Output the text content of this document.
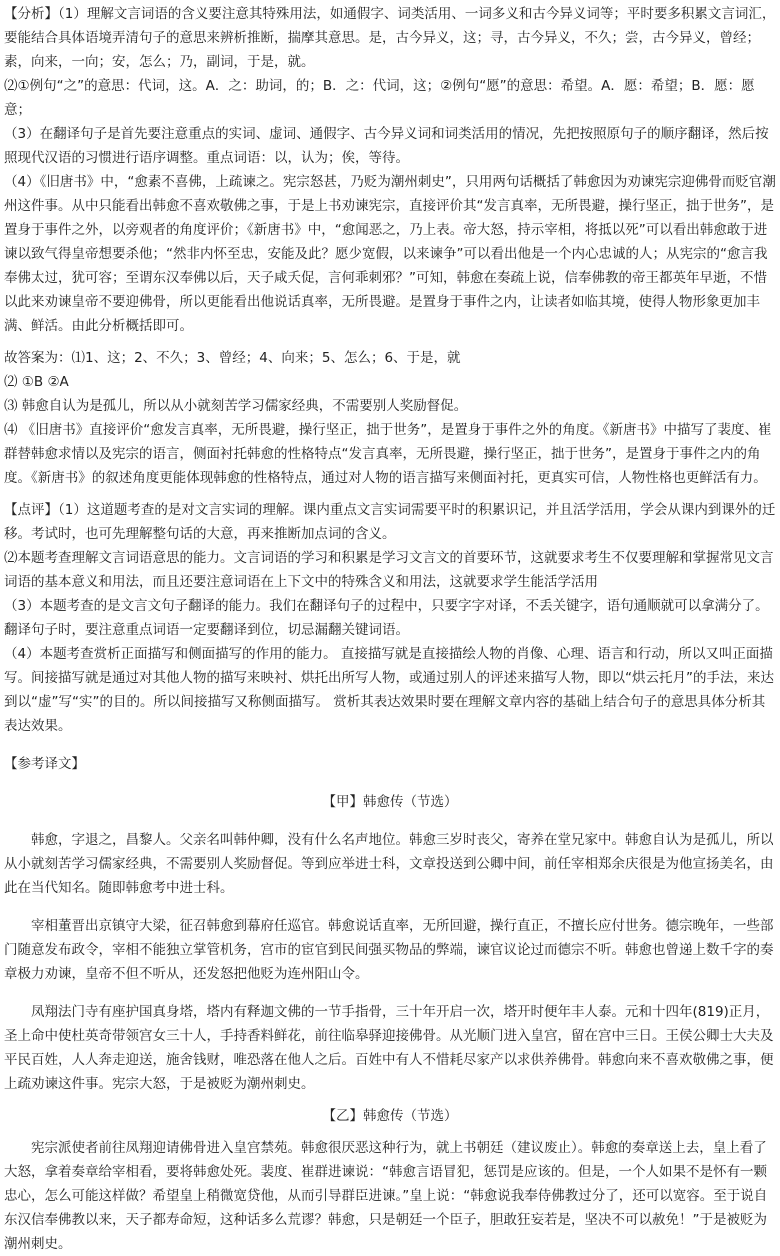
【分析】（1）理解文言词语的含义要注意其特殊用法，如通假字、词类活用、一词多义和古今异义词等；平时要多积累文言词汇，要能结合具体语境弄清句子的意思来辨析推断，揣摩其意思。是，古今异义，这；寻，古今异义，不久；尝，古今异义，曾经；素，向来，一向；安，怎么；乃，副词，于是，就。

⑵①例句“之”的意思：代词，这。A．之：助词，的；B．之：代词，这；②例句“愿”的意思：希望。A．愿：希望；B．愿：愿意；

（3）在翻译句子是首先要注意重点的实词、虚词、通假字、古今异义词和词类活用的情况，先把按照原句子的顺序翻译，然后按照现代汉语的习惯进行语序调整。重点词语：以，认为；俟，等待。

（4）《旧唐书》中，“愈素不喜佛，上疏谏之。宪宗怒甚，乃贬为潮州刺史”，只用两句话概括了韩愈因为劝谏宪宗迎佛骨而贬官潮州这件事。从中只能看出韩愈不喜欢敬佛之事，于是上书劝谏宪宗，直接评价其“发言真率，无所畏避，操行坚正，拙于世务”，是置身于事件之外，以旁观者的角度评价；《新唐书》中，“愈闻恶之，乃上表。帝大怒，持示宰相，将抵以死”可以看出韩愈敢于进谏以致气得皇帝想要杀他；“然非内怀至忠，安能及此？愿少宽假，以来谏争”可以看出他是一个内心忠诚的人；从宪宗的“愈言我奉佛太过，犹可容；至谓东汉奉佛以后，天子咸夭促，言何乖刺邪？”可知，韩愈在奏疏上说，信奉佛教的帝王都英年早逝，不惜以此来劝谏皇帝不要迎佛骨，所以更能看出他说话真率，无所畏避。是置身于事件之内，让读者如临其境，使得人物形象更加丰满、鲜活。由此分析概括即可。

故答案为：⑴1、这；2、不久；3、曾经；4、向来；5、怎么；6、于是，就

⑵ ①B ②A

⑶ 韩愈自认为是孤儿，所以从小就刻苦学习儒家经典，不需要别人奖励督促。

⑷ 《旧唐书》直接评价“愈发言真率，无所畏避，操行坚正，拙于世务”，是置身于事件之外的角度。《新唐书》中描写了裴度、崔群替韩愈求情以及宪宗的语言，侧面衬托韩愈的性格特点“发言真率，无所畏避，操行坚正，拙于世务”，是置身于事件之内的角度。《新唐书》的叙述角度更能体现韩愈的性格特点，通过对人物的语言描写来侧面衬托，更真实可信，人物性格也更鲜活有力。

【点评】（1）这道题考查的是对文言实词的理解。课内重点文言实词需要平时的积累识记，并且活学活用，学会从课内到课外的迁移。考试时，也可先理解整句话的大意，再来推断加点词的含义。

⑵本题考查理解文言词语意思的能力。文言词语的学习和积累是学习文言文的首要环节，这就要求考生不仅要理解和掌握常见文言词语的基本意义和用法，而且还要注意词语在上下文中的特殊含义和用法，这就要求学生能活学活用

（3）本题考查的是文言文句子翻译的能力。我们在翻译句子的过程中，只要字字对译，不丢关键字，语句通顺就可以拿满分了。翻译句子时，要注意重点词语一定要翻译到位，切忌漏翻关键词语。

（4）本题考查赏析正面描写和侧面描写的作用的能力。 直接描写就是直接描绘人物的肖像、心理、语言和行动，所以又叫正面描写。间接描写就是通过对其他人物的描写来映衬、烘托出所写人物，或通过别人的评述来描写人物，即以“烘云托月”的手法，来达到以“虚”写“实”的目的。所以间接描写又称侧面描写。 赏析其表达效果时要在理解文章内容的基础上结合句子的意思具体分析其表达效果。

【参考译文】

【甲】韩愈传（节选）

韩愈，字退之，昌黎人。父亲名叫韩仲卿，没有什么名声地位。韩愈三岁时丧父，寄养在堂兄家中。韩愈自认为是孤儿，所以从小就刻苦学习儒家经典，不需要别人奖励督促。等到应举进士科，文章投送到公卿中间，前任宰相郑余庆很是为他宣扬美名，由此在当代知名。随即韩愈考中进士科。

宰相董晋出京镇守大梁，征召韩愈到幕府任巡官。韩愈说话直率，无所回避，操行直正，不擅长应付世务。德宗晚年，一些部门随意发布政令，宰相不能独立掌管机务，宫市的宦官到民间强买物品的弊端，谏官议论过而德宗不听。韩愈也曾递上数千字的奏章极力劝谏，皇帝不但不听从，还发怒把他贬为连州阳山令。

凤翔法门寺有座护国真身塔，塔内有释迦文佛的一节手指骨，三十年开启一次，塔开时便年丰人泰。元和十四年(819)正月，圣上命中使杜英奇带领宫女三十人，手持香料鲜花，前往临皋驿迎接佛骨。从光顺门进入皇宫，留在宫中三日。王侯公卿士大夫及平民百姓，人人奔走迎送，施舍钱财，唯恐落在他人之后。百姓中有人不惜耗尽家产以求供养佛骨。韩愈向来不喜欢敬佛之事，便上疏劝谏这件事。宪宗大怒，于是被贬为潮州刺史。

【乙】韩愈传（节选）

宪宗派使者前往凤翔迎请佛骨进入皇宫禁苑。韩愈很厌恶这种行为，就上书朝廷（建议废止）。韩愈的奏章送上去，皇上看了大怒，拿着奏章给宰相看，要将韩愈处死。裴度、崔群进谏说：“韩愈言语冒犯，惩罚是应该的。但是，一个人如果不是怀有一颗忠心，怎么可能这样做？希望皇上稍微宽贷他，从而引导群臣进谏。”皇上说：“韩愈说我奉侍佛教过分了，还可以宽容。至于说自东汉信奉佛教以来，天子都寿命短，这种话多么荒谬？韩愈，只是朝廷一个臣子，胆敢狂妄若是，坚决不可以赦免！”于是被贬为潮州刺史。
